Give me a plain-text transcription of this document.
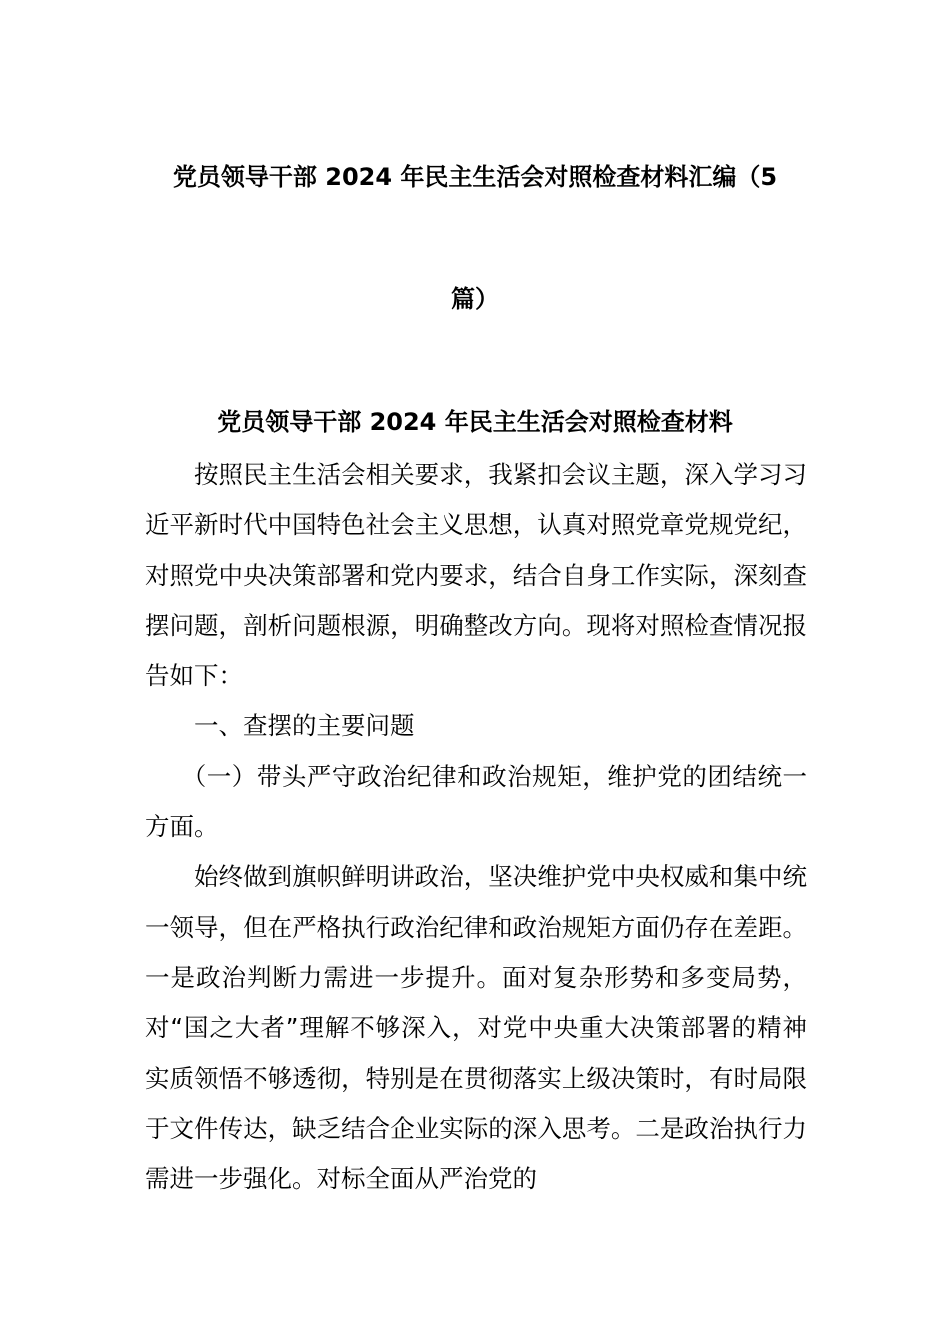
党员领导干部 2024 年民主生活会对照检查材料汇编（5
篇）
党员领导干部 2024 年民主生活会对照检查材料

按照民主生活会相关要求，我紧扣会议主题，深入学习习近平新时代中国特色社会主义思想，认真对照党章党规党纪，对照党中央决策部署和党内要求，结合自身工作实际，深刻查摆问题，剖析问题根源，明确整改方向。现将对照检查情况报告如下：

一、查摆的主要问题

（一）带头严守政治纪律和政治规矩，维护党的团结统一方面。

始终做到旗帜鲜明讲政治，坚决维护党中央权威和集中统一领导，但在严格执行政治纪律和政治规矩方面仍存在差距。一是政治判断力需进一步提升。面对复杂形势和多变局势，对“国之大者”理解不够深入，对党中央重大决策部署的精神实质领悟不够透彻，特别是在贯彻落实上级决策时，有时局限于文件传达，缺乏结合企业实际的深入思考。二是政治执行力需进一步强化。对标全面从严治党的
